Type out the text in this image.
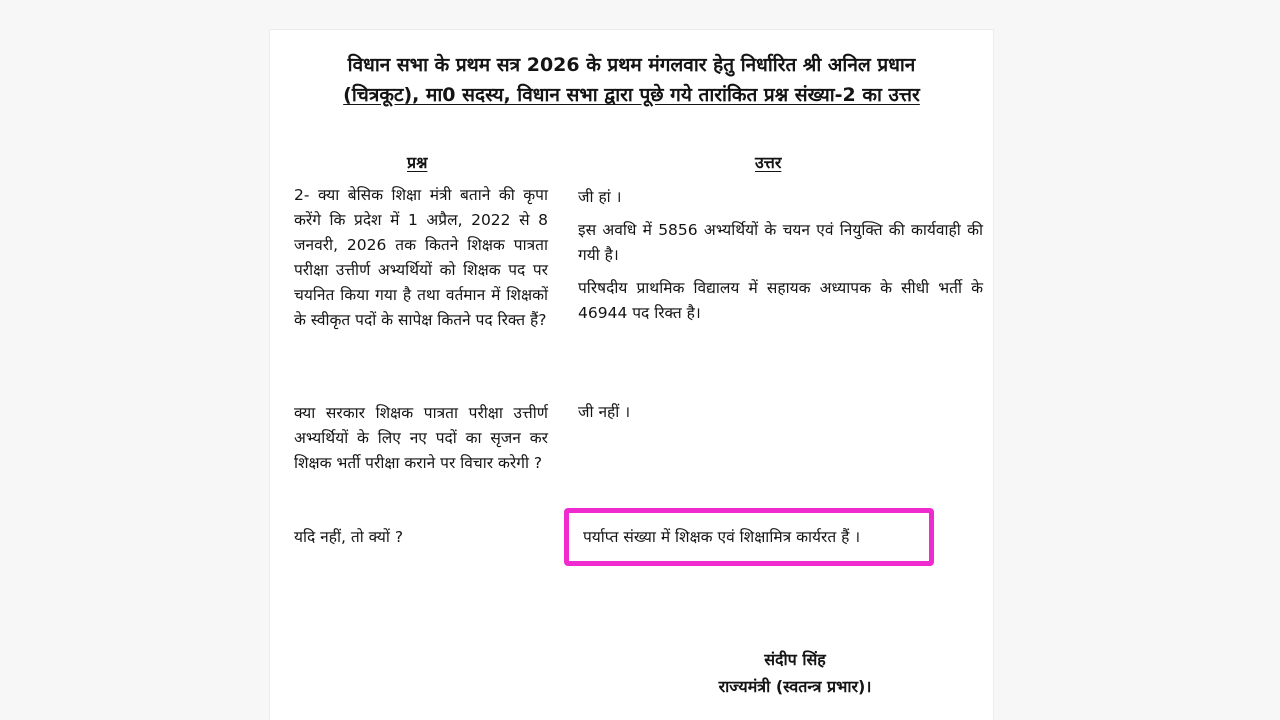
विधान सभा के प्रथम सत्र 2026 के प्रथम मंगलवार हेतु निर्धारित श्री अनिल प्रधान
(चित्रकूट), मा0 सदस्य, विधान सभा द्वारा पूछे गये तारांकित प्रश्न संख्या-2 का उत्तर
प्रश्न	उत्तर
2- क्या बेसिक शिक्षा मंत्री बताने की कृपा करेंगे कि प्रदेश में 1 अप्रैल, 2022 से 8 जनवरी, 2026 तक कितने शिक्षक पात्रता परीक्षा उत्तीर्ण अभ्यर्थियों को शिक्षक पद पर चयनित किया गया है तथा वर्तमान में शिक्षकों के स्वीकृत पदों के सापेक्ष कितने पद रिक्त हैं?
क्या सरकार शिक्षक पात्रता परीक्षा उत्तीर्ण अभ्यर्थियों के लिए नए पदों का सृजन कर शिक्षक भर्ती परीक्षा कराने पर विचार करेगी ?
यदि नहीं, तो क्यों ?

जी हां ।

इस अवधि में 5856 अभ्यर्थियों के चयन एवं नियुक्ति की कार्यवाही की गयी है।

परिषदीय प्राथमिक विद्यालय में सहायक अध्यापक के सीधी भर्ती के 46944 पद रिक्त है।

जी नहीं ।
पर्याप्त संख्या में शिक्षक एवं शिक्षामित्र कार्यरत हैं ।
संदीप सिंह
राज्यमंत्री (स्वतन्त्र प्रभार)।
